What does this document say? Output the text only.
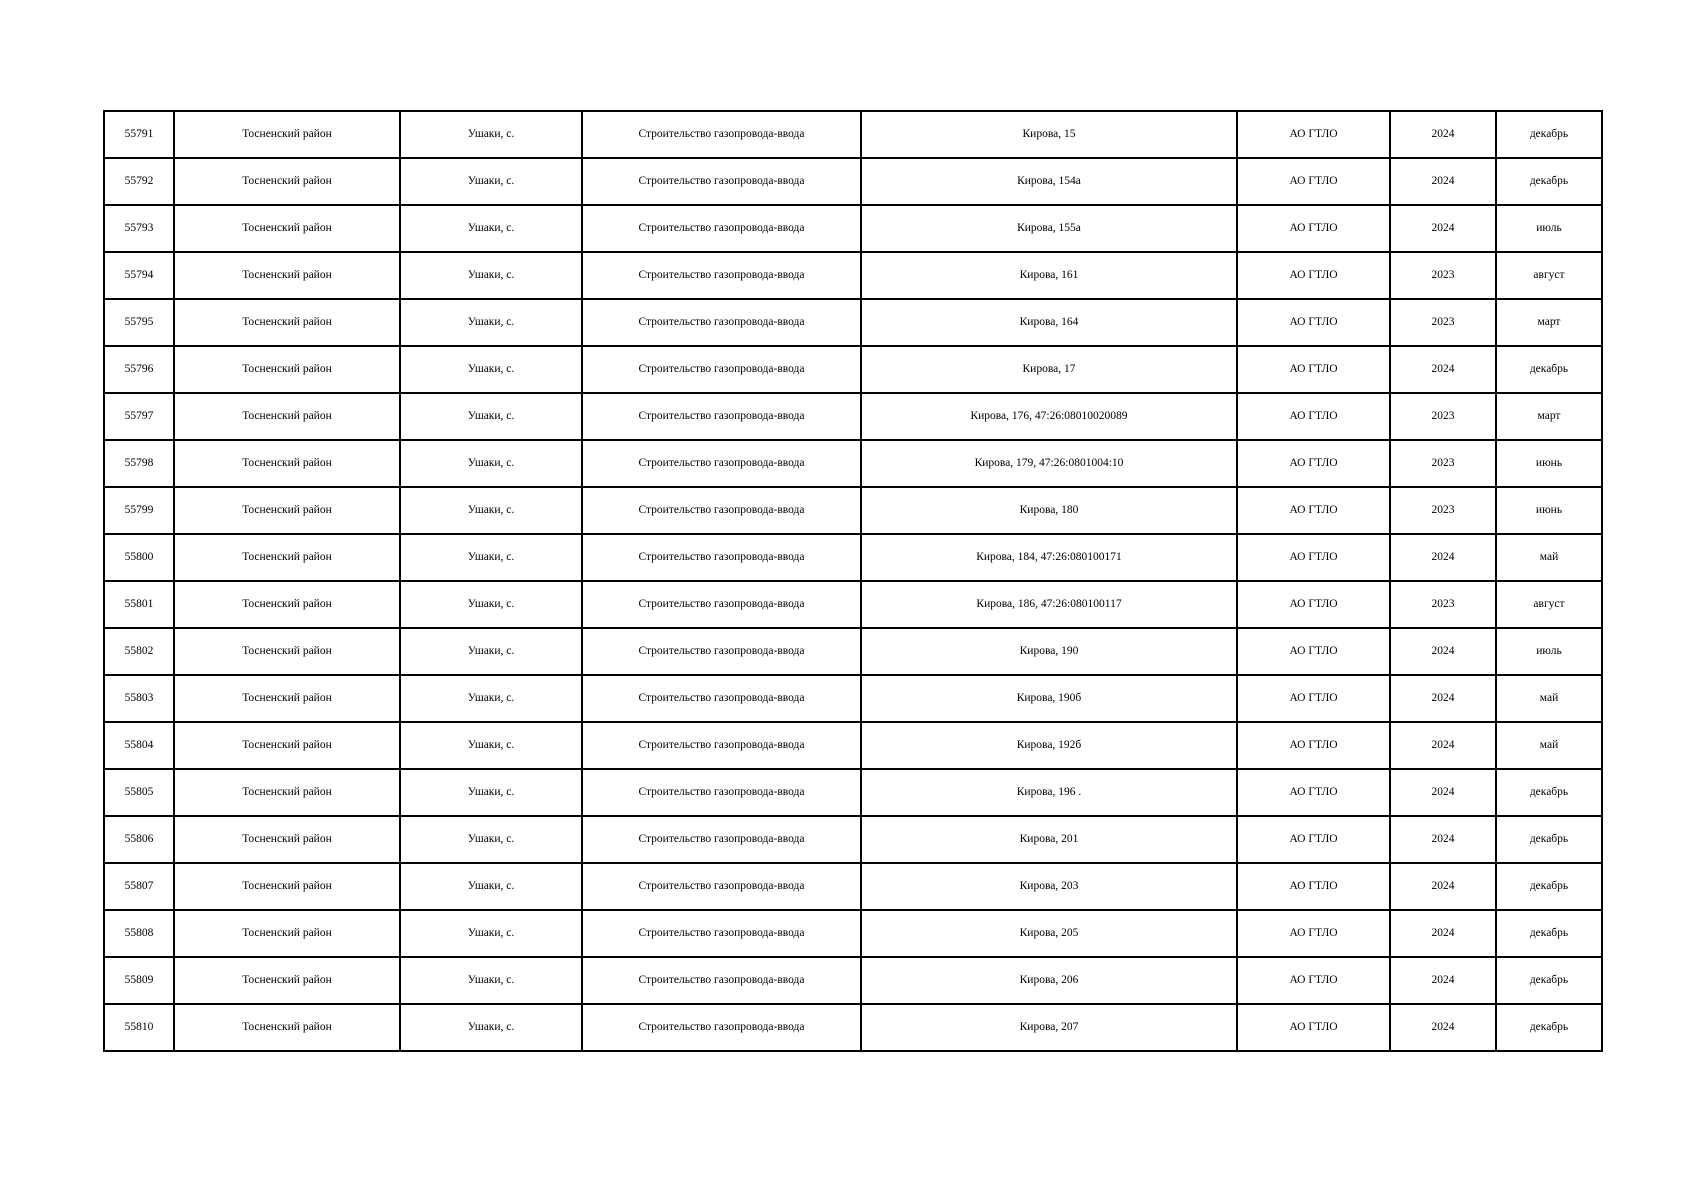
55791	Тосненский район	Ушаки, с.	Строительство газопровода-ввода	Кирова, 15	АО ГТЛО	2024	декабрь
55792	Тосненский район	Ушаки, с.	Строительство газопровода-ввода	Кирова, 154а	АО ГТЛО	2024	декабрь
55793	Тосненский район	Ушаки, с.	Строительство газопровода-ввода	Кирова, 155а	АО ГТЛО	2024	июль
55794	Тосненский район	Ушаки, с.	Строительство газопровода-ввода	Кирова, 161	АО ГТЛО	2023	август
55795	Тосненский район	Ушаки, с.	Строительство газопровода-ввода	Кирова, 164	АО ГТЛО	2023	март
55796	Тосненский район	Ушаки, с.	Строительство газопровода-ввода	Кирова, 17	АО ГТЛО	2024	декабрь
55797	Тосненский район	Ушаки, с.	Строительство газопровода-ввода	Кирова, 176, 47:26:08010020089	АО ГТЛО	2023	март
55798	Тосненский район	Ушаки, с.	Строительство газопровода-ввода	Кирова, 179, 47:26:0801004:10	АО ГТЛО	2023	июнь
55799	Тосненский район	Ушаки, с.	Строительство газопровода-ввода	Кирова, 180	АО ГТЛО	2023	июнь
55800	Тосненский район	Ушаки, с.	Строительство газопровода-ввода	Кирова, 184, 47:26:080100171	АО ГТЛО	2024	май
55801	Тосненский район	Ушаки, с.	Строительство газопровода-ввода	Кирова, 186, 47:26:080100117	АО ГТЛО	2023	август
55802	Тосненский район	Ушаки, с.	Строительство газопровода-ввода	Кирова, 190	АО ГТЛО	2024	июль
55803	Тосненский район	Ушаки, с.	Строительство газопровода-ввода	Кирова, 190б	АО ГТЛО	2024	май
55804	Тосненский район	Ушаки, с.	Строительство газопровода-ввода	Кирова, 192б	АО ГТЛО	2024	май
55805	Тосненский район	Ушаки, с.	Строительство газопровода-ввода	Кирова, 196 .	АО ГТЛО	2024	декабрь
55806	Тосненский район	Ушаки, с.	Строительство газопровода-ввода	Кирова, 201	АО ГТЛО	2024	декабрь
55807	Тосненский район	Ушаки, с.	Строительство газопровода-ввода	Кирова, 203	АО ГТЛО	2024	декабрь
55808	Тосненский район	Ушаки, с.	Строительство газопровода-ввода	Кирова, 205	АО ГТЛО	2024	декабрь
55809	Тосненский район	Ушаки, с.	Строительство газопровода-ввода	Кирова, 206	АО ГТЛО	2024	декабрь
55810	Тосненский район	Ушаки, с.	Строительство газопровода-ввода	Кирова, 207	АО ГТЛО	2024	декабрь
